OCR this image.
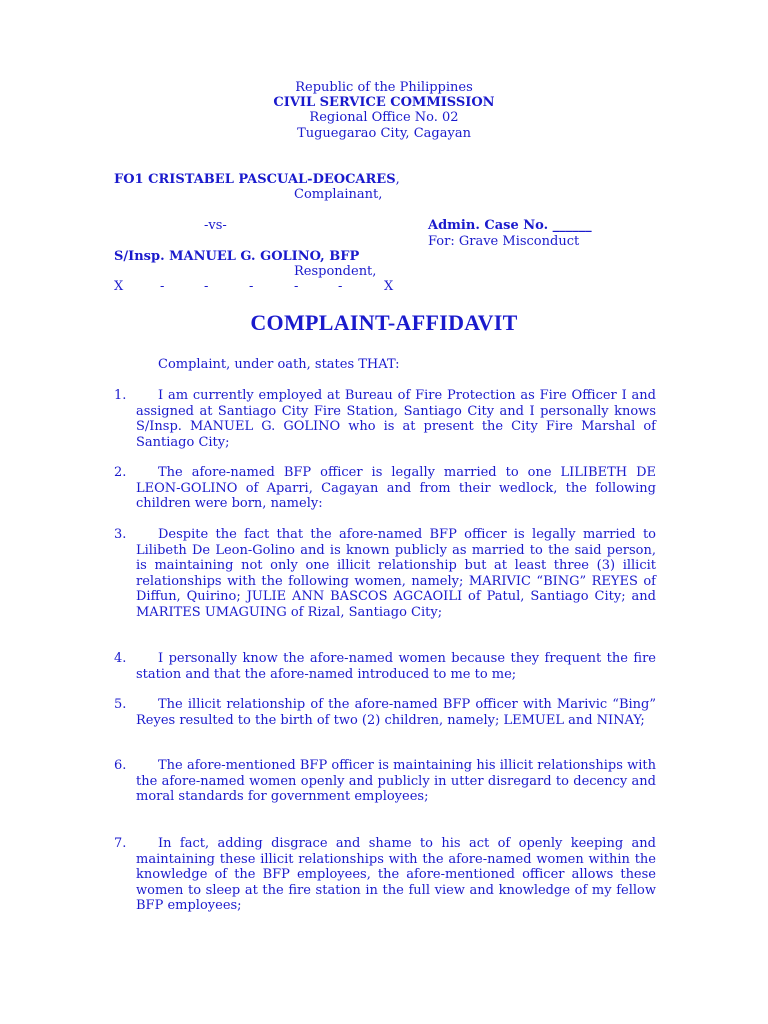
Republic of the Philippines
CIVIL SERVICE COMMISSION
Regional Office No. 02
Tuguegarao City, Cagayan
FO1 CRISTABEL PASCUAL-DEOCARES,
Complainant,
-vs-	Admin. Case No. ______
For: Grave Misconduct
S/Insp. MANUEL G. GOLINO, BFP
Respondent,
X	-	-	-	-	-	X
COMPLAINT-AFFIDAVIT
Complaint, under oath, states THAT:
1.	I am currently employed at Bureau of Fire Protection as Fire Officer I and assigned at Santiago City Fire Station, Santiago City and I personally knows S/Insp. MANUEL G. GOLINO who is at present the City Fire Marshal of Santiago City;
2.	The afore-named BFP officer is legally married to one LILIBETH DE LEON-GOLINO of Aparri, Cagayan and from their wedlock, the following children were born, namely:
3.	Despite the fact that the afore-named BFP officer is legally married to Lilibeth De Leon-Golino and is known publicly as married to the said person, is maintaining not only one illicit relationship but at least three (3) illicit relationships with the following women, namely; MARIVIC “BING” REYES of Diffun, Quirino; JULIE ANN BASCOS AGCAOILI of Patul, Santiago City; and MARITES UMAGUING of Rizal, Santiago City;
4.	I personally know the afore-named women because they frequent the fire station and that the afore-named introduced to me to me;
5.	The illicit relationship of the afore-named BFP officer with Marivic “Bing” Reyes resulted to the birth of two (2) children, namely; LEMUEL and NINAY;
6.	The afore-mentioned BFP officer is maintaining his illicit relationships with the afore-named women openly and publicly in utter disregard to decency and moral standards for government employees;
7.	In fact, adding disgrace and shame to his act of openly keeping and maintaining these illicit relationships with the afore-named women within the knowledge of the BFP employees, the afore-mentioned officer allows these women to sleep at the fire station in the full view and knowledge of my fellow BFP employees;
